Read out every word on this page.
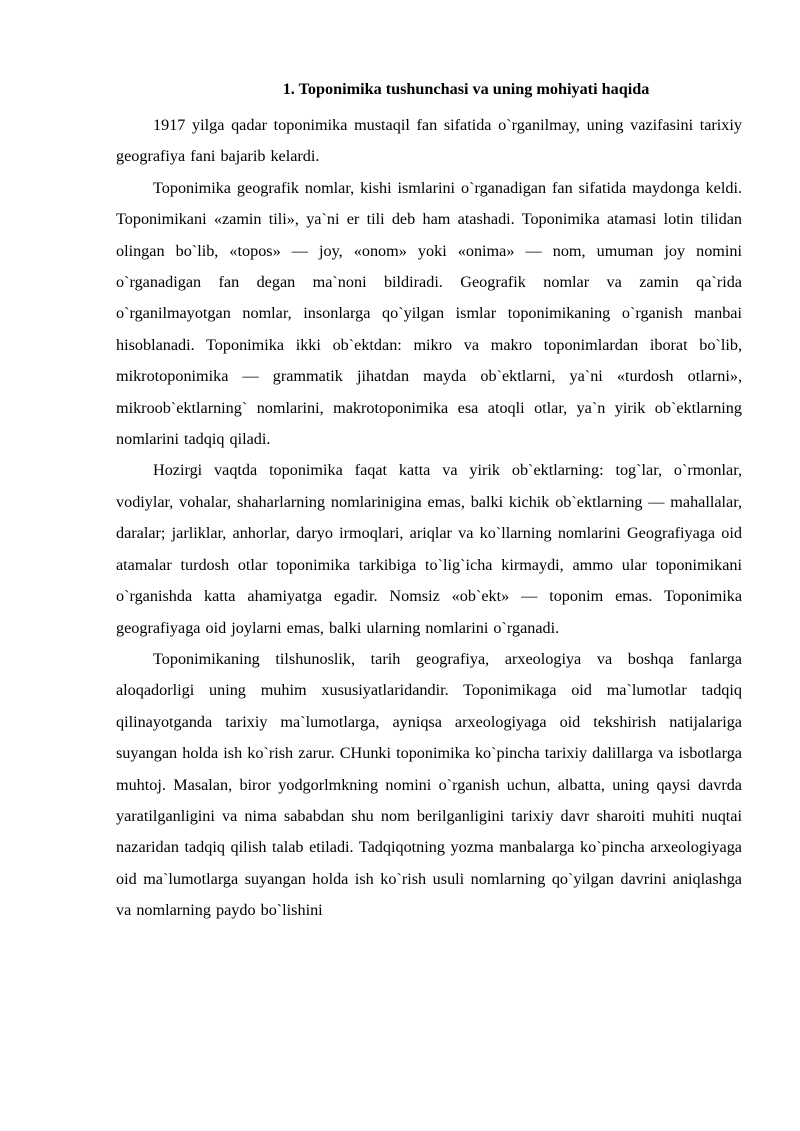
1. Toponimika tushunchasi va uning mohiyati haqida

1917 yilga qadar toponimika mustaqil fan sifatida o`rganilmay, uning vazifasini tarixiy geografiya fani bajarib kelardi.

Toponimika geografik nomlar, kishi ismlarini o`rganadigan fan sifatida maydonga keldi. Toponimikani «zamin tili», ya`ni er tili deb ham atashadi. Toponimika atamasi lotin tilidan olingan bo`lib, «topos» — joy, «onom» yoki «onima» — nom, umuman joy nomini o`rganadigan fan degan ma`noni bildiradi. Geografik nomlar va zamin qa`rida o`rganilmayotgan nomlar, insonlarga qo`yilgan ismlar toponimikaning o`rganish manbai hisoblanadi. Toponimika ikki ob`ektdan: mikro va makro toponimlardan iborat bo`lib, mikrotoponimika — grammatik jihatdan mayda ob`ektlarni, ya`ni «turdosh otlarni», mikroob`ektlarning` nomlarini, makrotoponimika esa atoqli otlar, ya`n yirik ob`ektlarning nomlarini tadqiq qiladi.

Hozirgi vaqtda toponimika faqat katta va yirik ob`ektlarning: tog`lar, o`rmonlar, vodiylar, vohalar, shaharlarning nomlarinigina emas, balki kichik ob`ektlarning — mahallalar, daralar; jarliklar, anhorlar, daryo irmoqlari, ariqlar va ko`llarning nomlarini Geografiyaga oid atamalar turdosh otlar toponimika tarkibiga to`lig`icha kirmaydi, ammo ular toponimikani o`rganishda katta ahamiyatga egadir. Nomsiz «ob`ekt» — toponim emas. Toponimika geografiyaga oid joylarni emas, balki ularning nomlarini o`rganadi.

Toponimikaning tilshunoslik, tarih geografiya, arxeologiya va boshqa fanlarga aloqadorligi uning muhim xususiyatlaridandir. Toponimikaga oid ma`lumotlar tadqiq qilinayotganda tarixiy ma`lumotlarga, ayniqsa arxeologiyaga oid tekshirish natijalariga suyangan holda ish ko`rish zarur. CHunki toponimika ko`pincha tarixiy dalillarga va isbotlarga muhtoj. Masalan, biror yodgorlmkning nomini o`rganish uchun, albatta, uning qaysi davrda yaratilganligini va nima sababdan shu nom berilganligini tarixiy davr sharoiti muhiti nuqtai nazaridan tadqiq qilish talab etiladi. Tadqiqotning yozma manbalarga ko`pincha arxeologiyaga oid ma`lumotlarga suyangan holda ish ko`rish usuli nomlarning qo`yilgan davrini aniqlashga va nomlarning paydo bo`lishini
